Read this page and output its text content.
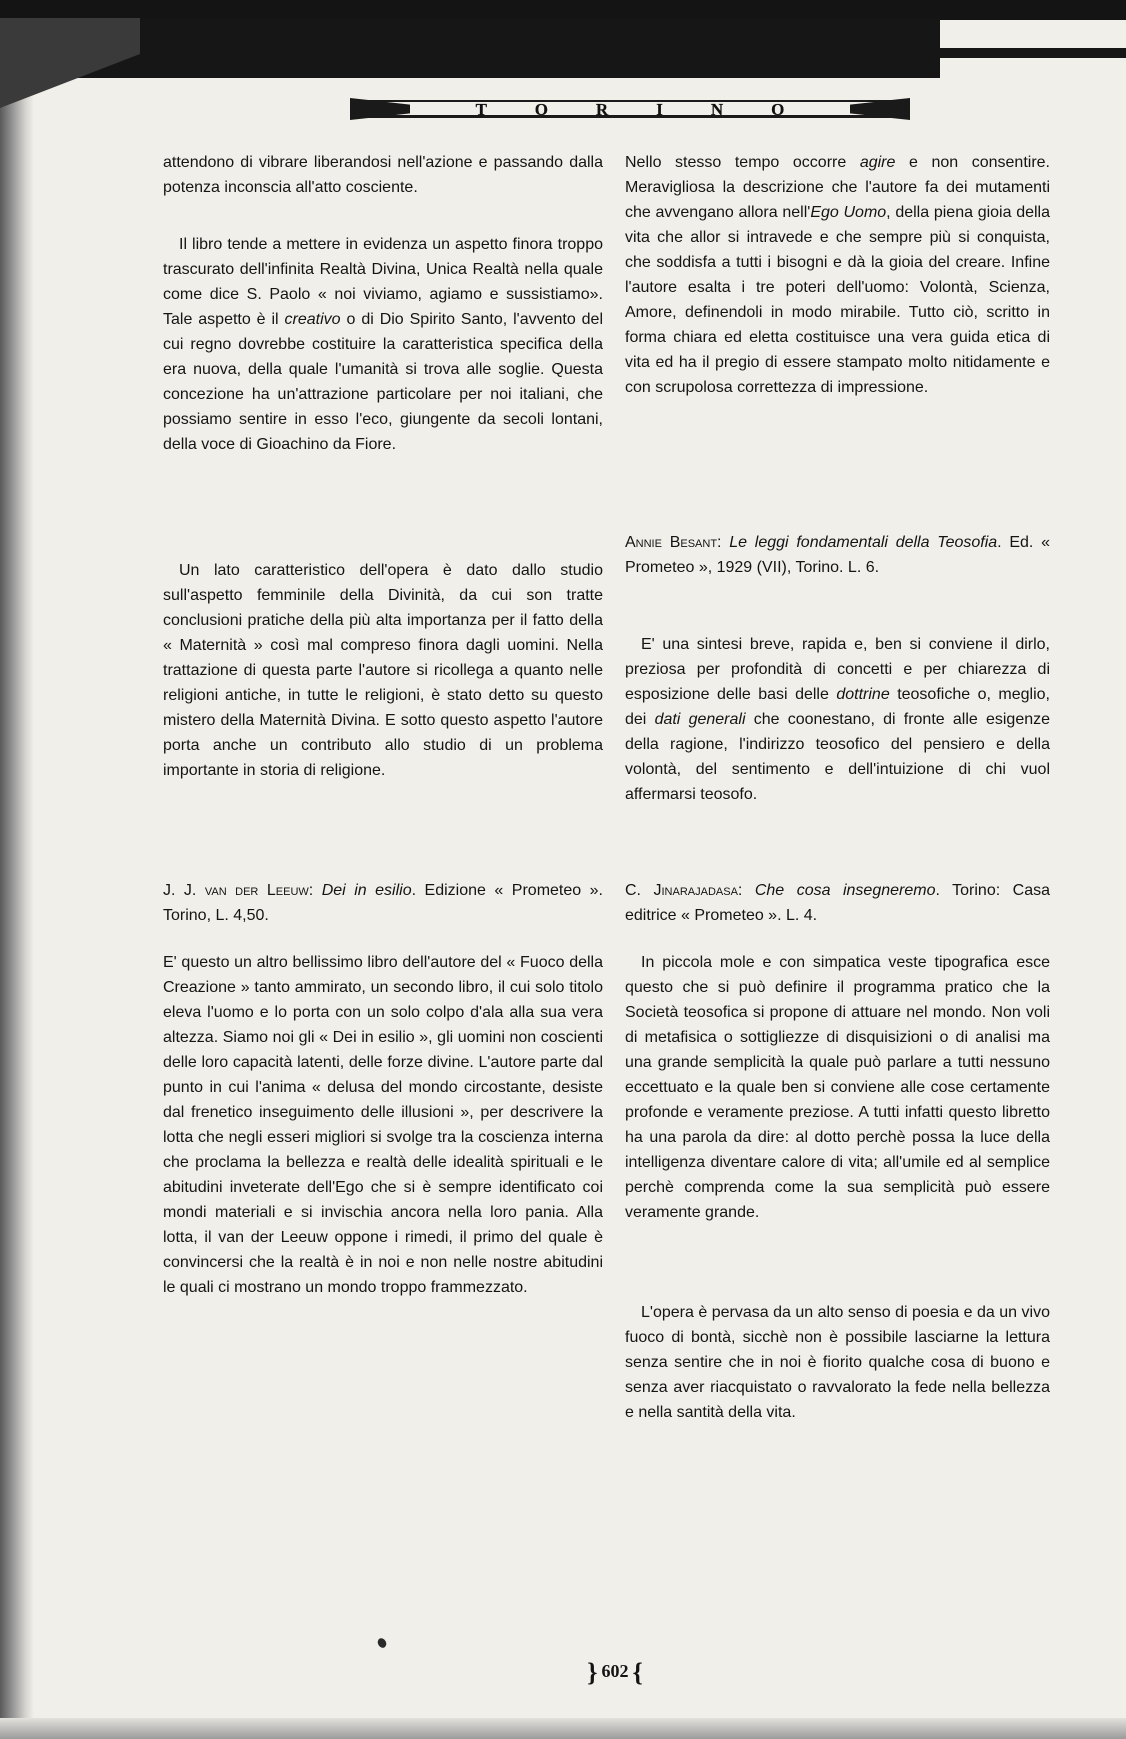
TORINO

attendono di vibrare liberandosi nell'azione e passando dalla potenza inconscia all'atto cosciente.

Il libro tende a mettere in evidenza un aspetto finora troppo trascurato dell'infinita Realtà Divina, Unica Realtà nella quale come dice S. Paolo « noi viviamo, agiamo e sussistiamo». Tale aspetto è il creativo o di Dio Spirito Santo, l'avvento del cui regno dovrebbe costituire la caratteristica specifica della era nuova, della quale l'umanità si trova alle soglie. Questa concezione ha un'attrazione particolare per noi italiani, che possiamo sentire in esso l'eco, giungente da secoli lontani, della voce di Gioachino da Fiore.

Un lato caratteristico dell'opera è dato dallo studio sull'aspetto femminile della Divinità, da cui son tratte conclusioni pratiche della più alta importanza per il fatto della « Maternità » così mal compreso finora dagli uomini. Nella trattazione di questa parte l'autore si ricollega a quanto nelle religioni antiche, in tutte le religioni, è stato detto su questo mistero della Maternità Divina. E sotto questo aspetto l'autore porta anche un contributo allo studio di un problema importante in storia di religione.

J. J. van der Leeuw: Dei in esilio. Edizione « Prometeo ». Torino, L. 4,50.

E' questo un altro bellissimo libro dell'autore del « Fuoco della Creazione » tanto ammirato, un secondo libro, il cui solo titolo eleva l'uomo e lo porta con un solo colpo d'ala alla sua vera altezza. Siamo noi gli « Dei in esilio », gli uomini non coscienti delle loro capacità latenti, delle forze divine. L'autore parte dal punto in cui l'anima « delusa del mondo circostante, desiste dal frenetico inseguimento delle illusioni », per descrivere la lotta che negli esseri migliori si svolge tra la coscienza interna che proclama la bellezza e realtà delle idealità spirituali e le abitudini inveterate dell'Ego che si è sempre identificato coi mondi materiali e si invischia ancora nella loro pania. Alla lotta, il van der Leeuw oppone i rimedi, il primo del quale è convincersi che la realtà è in noi e non nelle nostre abitudini le quali ci mostrano un mondo troppo frammezzato.

Nello stesso tempo occorre agire e non consentire. Meravigliosa la descrizione che l'autore fa dei mutamenti che avvengano allora nell'Ego Uomo, della piena gioia della vita che allor si intravede e che sempre più si conquista, che soddisfa a tutti i bisogni e dà la gioia del creare. Infine l'autore esalta i tre poteri dell'uomo: Volontà, Scienza, Amore, definendoli in modo mirabile. Tutto ciò, scritto in forma chiara ed eletta costituisce una vera guida etica di vita ed ha il pregio di essere stampato molto nitidamente e con scrupolosa correttezza di impressione.

Annie Besant: Le leggi fondamentali della Teosofia. Ed. « Prometeo », 1929 (VII), Torino. L. 6.

E' una sintesi breve, rapida e, ben si conviene il dirlo, preziosa per profondità di concetti e per chiarezza di esposizione delle basi delle dottrine teosofiche o, meglio, dei dati generali che coonestano, di fronte alle esigenze della ragione, l'indirizzo teosofico del pensiero e della volontà, del sentimento e dell'intuizione di chi vuol affermarsi teosofo.

C. Jinarajadasa: Che cosa insegneremo. Torino: Casa editrice « Prometeo ». L. 4.

In piccola mole e con simpatica veste tipografica esce questo che si può definire il programma pratico che la Società teosofica si propone di attuare nel mondo. Non voli di metafisica o sottigliezze di disquisizioni o di analisi ma una grande semplicità la quale può parlare a tutti nessuno eccettuato e la quale ben si conviene alle cose certamente profonde e veramente preziose. A tutti infatti questo libretto ha una parola da dire: al dotto perchè possa la luce della intelligenza diventare calore di vita; all'umile ed al semplice perchè comprenda come la sua semplicità può essere veramente grande.

L'opera è pervasa da un alto senso di poesia e da un vivo fuoco di bontà, sicchè non è possibile lasciarne la lettura senza sentire che in noi è fiorito qualche cosa di buono e senza aver riacquistato o ravvalorato la fede nella bellezza e nella santità della vita.

} 602 {
